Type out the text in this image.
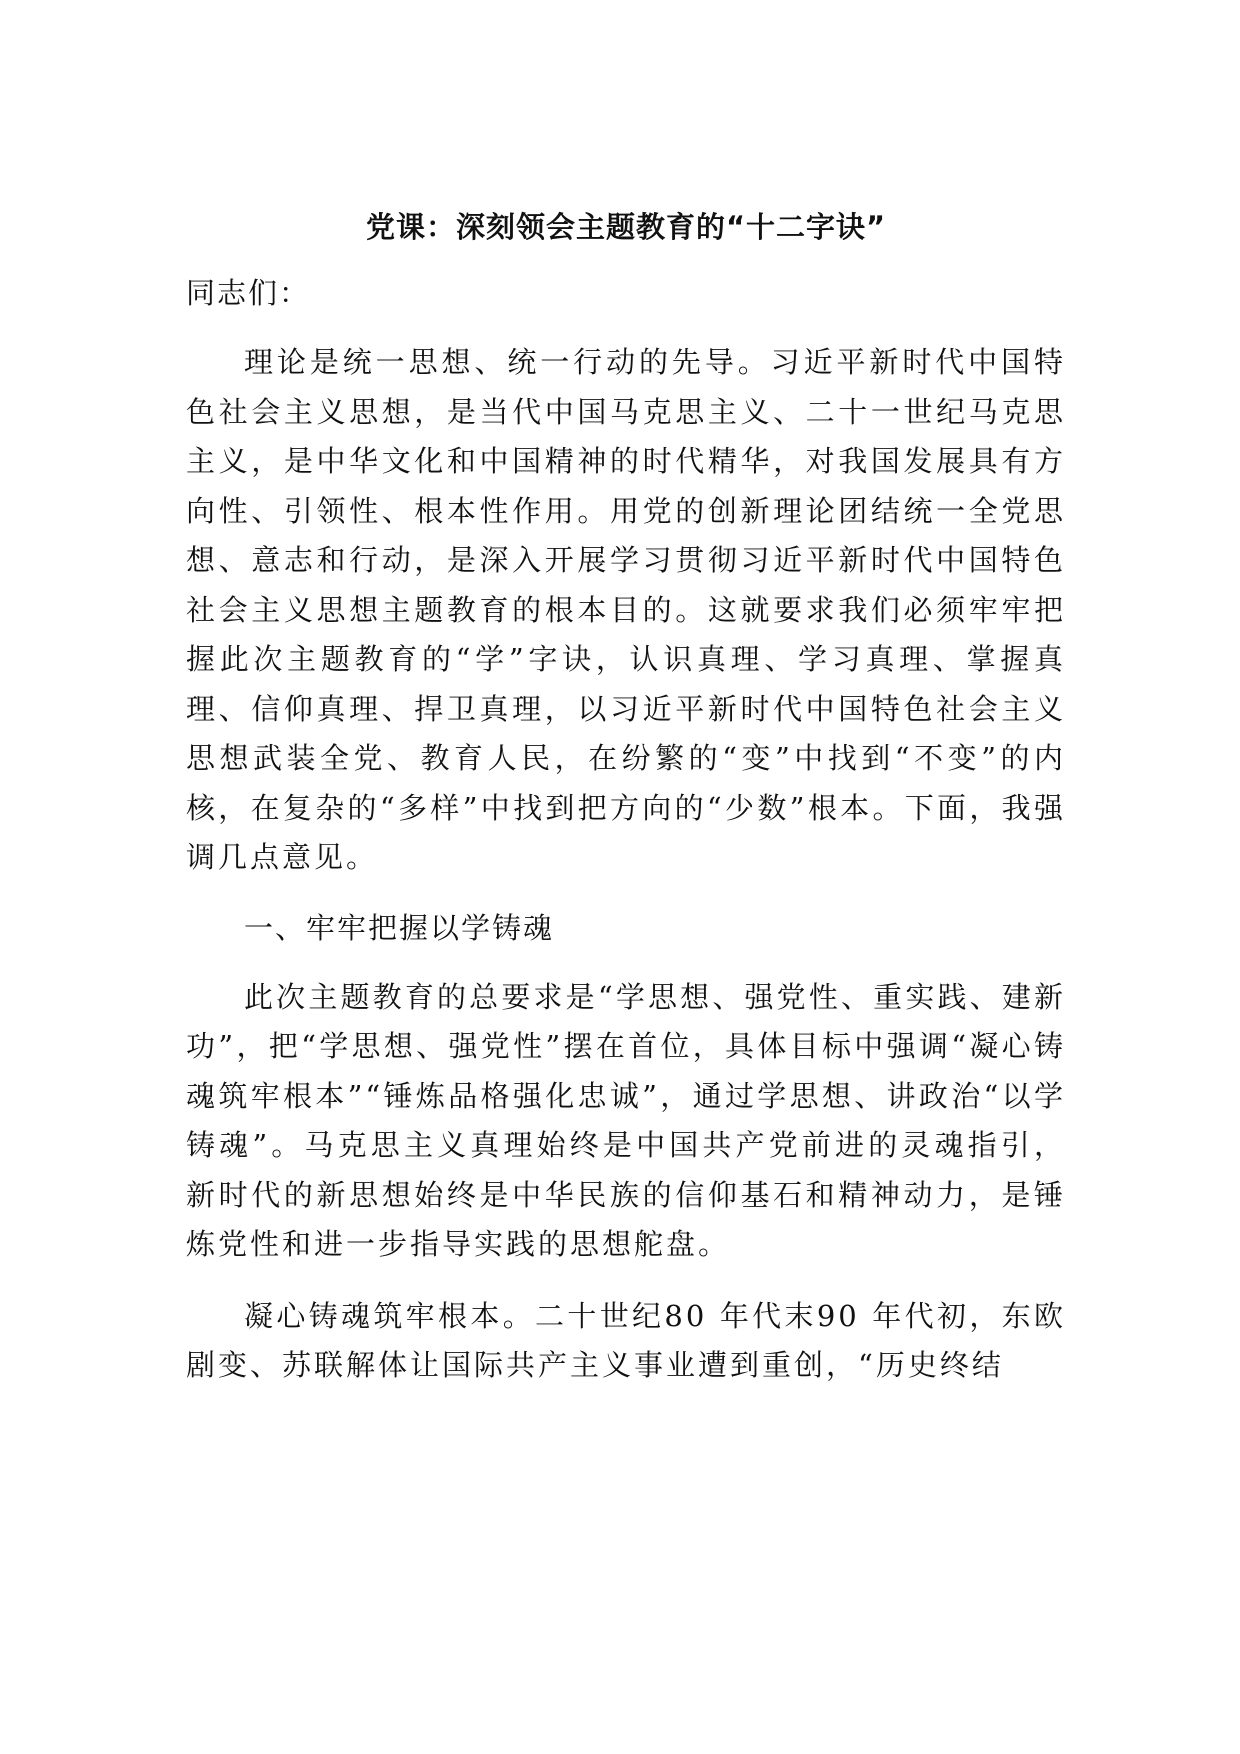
党课：深刻领会主题教育的“十二字诀”
同志们：

理论是统一思想、统一行动的先导。习近平新时代中国特色社会主义思想，是当代中国马克思主义、二十一世纪马克思主义，是中华文化和中国精神的时代精华，对我国发展具有方向性、引领性、根本性作用。用党的创新理论团结统一全党思想、意志和行动，是深入开展学习贯彻习近平新时代中国特色社会主义思想主题教育的根本目的。这就要求我们必须牢牢把握此次主题教育的“学”字诀，认识真理、学习真理、掌握真理、信仰真理、捍卫真理，以习近平新时代中国特色社会主义思想武装全党、教育人民，在纷繁的“变”中找到“不变”的内核，在复杂的“多样”中找到把方向的“少数”根本。下面，我强调几点意见。

一、牢牢把握以学铸魂

此次主题教育的总要求是“学思想、强党性、重实践、建新功”，把“学思想、强党性”摆在首位，具体目标中强调“凝心铸魂筑牢根本”“锤炼品格强化忠诚”，通过学思想、讲政治“以学铸魂”。马克思主义真理始终是中国共产党前进的灵魂指引，新时代的新思想始终是中华民族的信仰基石和精神动力，是锤炼党性和进一步指导实践的思想舵盘。

凝心铸魂筑牢根本。二十世纪80 年代末90 年代初，东欧剧变、苏联解体让国际共产主义事业遭到重创，“历史终结
